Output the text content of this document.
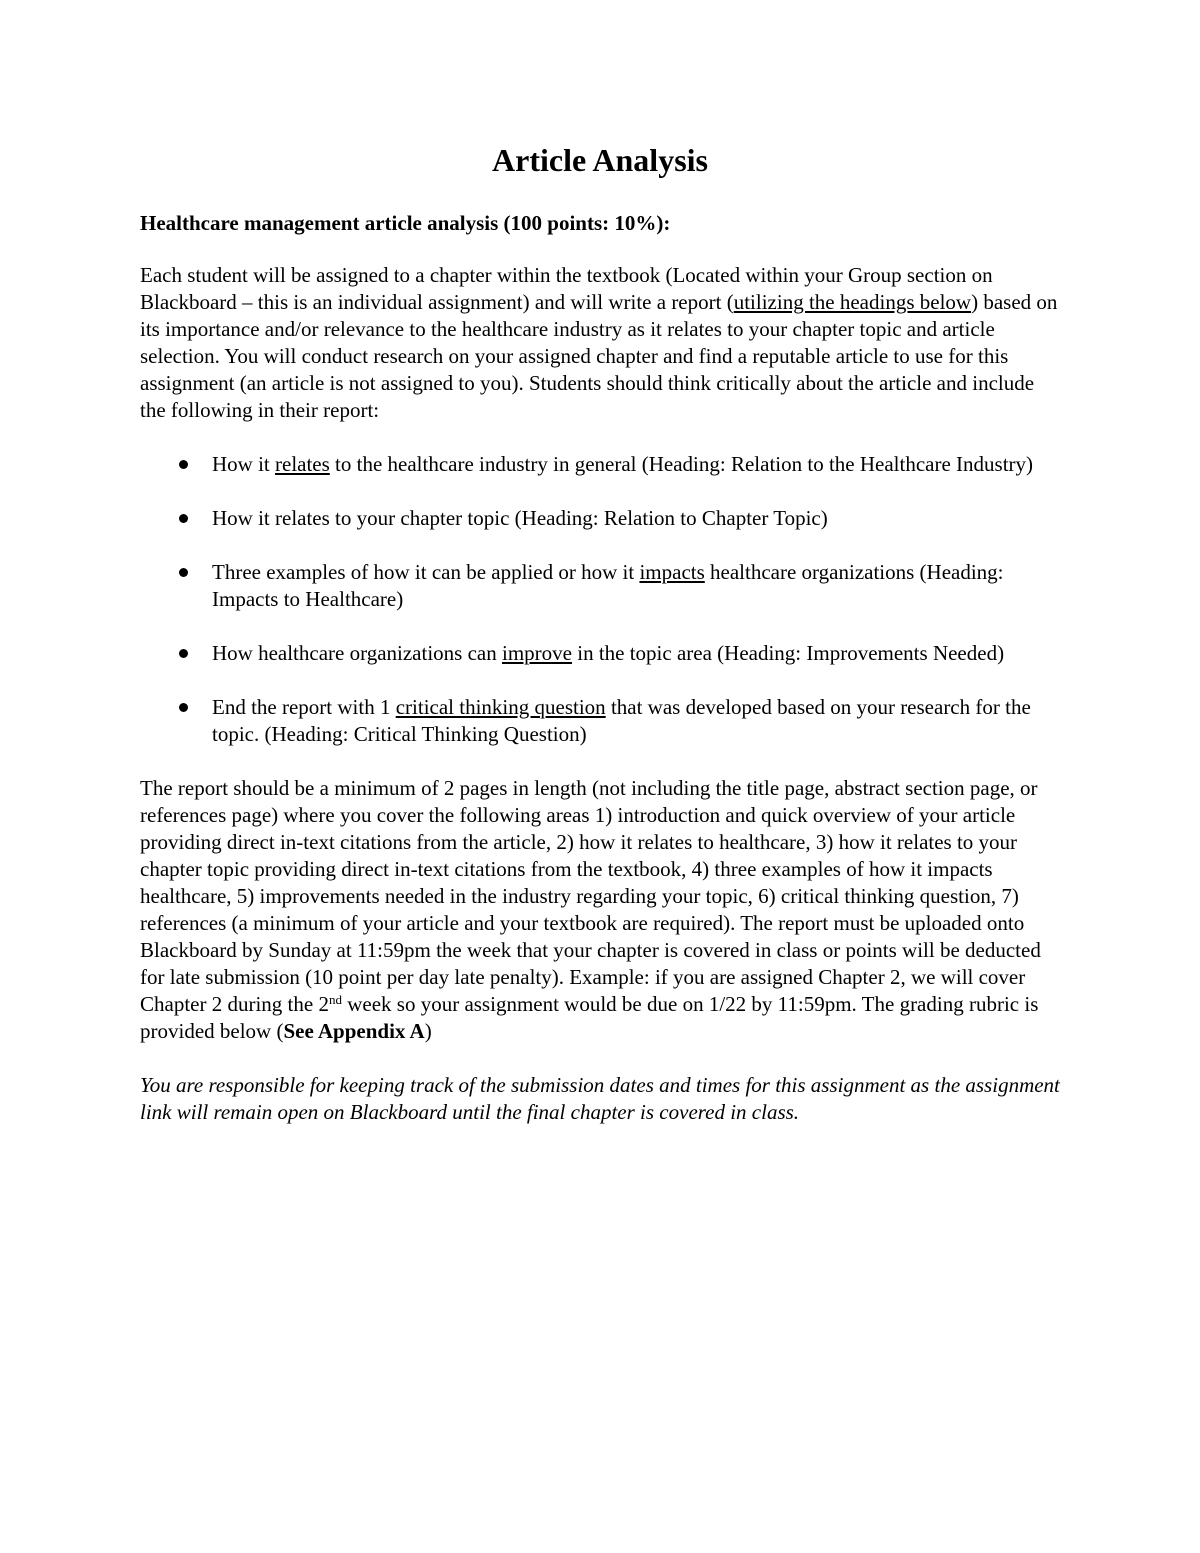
Article Analysis
Healthcare management article analysis (100 points: 10%):

Each student will be assigned to a chapter within the textbook (Located within your Group section on Blackboard – this is an individual assignment) and will write a report (utilizing the headings below) based on its importance and/or relevance to the healthcare industry as it relates to your chapter topic and article selection. You will conduct research on your assigned chapter and find a reputable article to use for this assignment (an article is not assigned to you). Students should think critically about the article and include the following in their report:

How it relates to the healthcare industry in general (Heading: Relation to the Healthcare Industry)
How it relates to your chapter topic (Heading: Relation to Chapter Topic)
Three examples of how it can be applied or how it impacts healthcare organizations (Heading: Impacts to Healthcare)
How healthcare organizations can improve in the topic area (Heading: Improvements Needed)
End the report with 1 critical thinking question that was developed based on your research for the topic. (Heading: Critical Thinking Question)

The report should be a minimum of 2 pages in length (not including the title page, abstract section page, or references page) where you cover the following areas 1) introduction and quick overview of your article providing direct in-text citations from the article, 2) how it relates to healthcare, 3) how it relates to your chapter topic providing direct in-text citations from the textbook, 4) three examples of how it impacts healthcare, 5) improvements needed in the industry regarding your topic, 6) critical thinking question, 7) references (a minimum of your article and your textbook are required). The report must be uploaded onto Blackboard by Sunday at 11:59pm the week that your chapter is covered in class or points will be deducted for late submission (10 point per day late penalty). Example: if you are assigned Chapter 2, we will cover Chapter 2 during the 2nd week so your assignment would be due on 1/22 by 11:59pm. The grading rubric is provided below (See Appendix A)

You are responsible for keeping track of the submission dates and times for this assignment as the assignment link will remain open on Blackboard until the final chapter is covered in class.
